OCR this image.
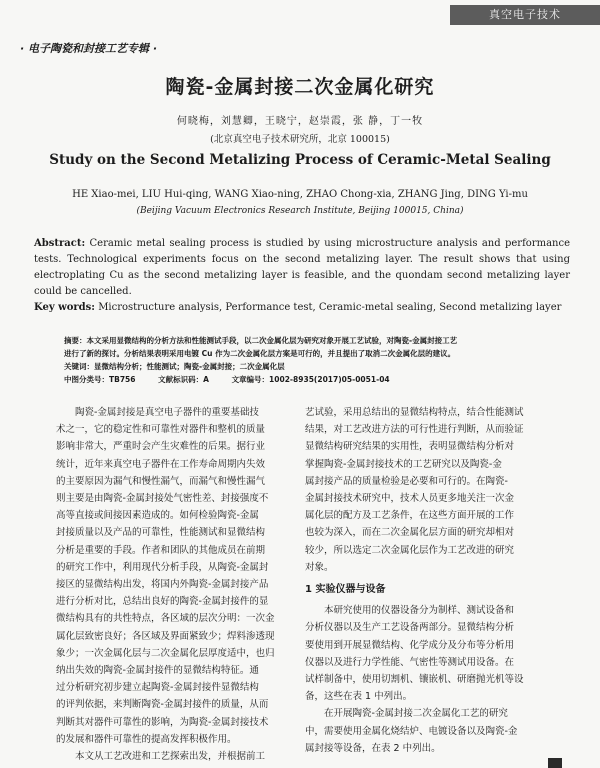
真空电子技术
· 电子陶瓷和封接工艺专辑 ·
陶瓷-金属封接二次金属化研究
何晓梅，刘慧卿，王晓宁，赵崇霞，张 静，丁一牧
(北京真空电子技术研究所，北京 100015)
Study on the Second Metalizing Process of Ceramic-Metal Sealing
HE Xiao-mei, LIU Hui-qing, WANG Xiao-ning, ZHAO Chong-xia, ZHANG Jing, DING Yi-mu
(Beijing Vacuum Electronics Research Institute, Beijing 100015, China)
Abstract: Ceramic metal sealing process is studied by using microstructure analysis and performance tests. Technological experiments focus on the second metalizing layer. The result shows that using electroplating Cu as the second metalizing layer is feasible, and the quondam second metalizing layer could be cancelled.
Key words: Microstructure analysis, Performance test, Ceramic-metal sealing, Second metalizing layer
摘要：本文采用显微结构的分析方法和性能测试手段，以二次金属化层为研究对象开展工艺试验，对陶瓷-金属封接工艺
进行了新的探讨。分析结果表明采用电镀 Cu 作为二次金属化层方案是可行的，并且提出了取消二次金属化层的建议。
关键词：显微结构分析；性能测试；陶瓷-金属封接；二次金属化层
中图分类号：TB756	文献标识码：A	文章编号：1002-8935(2017)05-0051-04
陶瓷-金属封接是真空电子器件的重要基础技
术之一，它的稳定性和可靠性对器件和整机的质量
影响非常大，严重时会产生灾难性的后果。据行业
统计，近年来真空电子器件在工作寿命周期内失效
的主要原因为漏气和慢性漏气，而漏气和慢性漏气
则主要是由陶瓷-金属封接处气密性差、封接强度不
高等直接或间接因素造成的。如何检验陶瓷-金属
封接质量以及产品的可靠性，性能测试和显微结构
分析是重要的手段。作者和团队的其他成员在前期
的研究工作中，利用现代分析手段，从陶瓷-金属封
接区的显微结构出发，将国内外陶瓷-金属封接产品
进行分析对比，总结出良好的陶瓷-金属封接件的显
微结构具有的共性特点，各区域的层次分明：一次金
属化层致密良好；各区域及界面紧致少；焊料渗透现
象少；一次金属化层与二次金属化层厚度适中，也归
纳出失效的陶瓷-金属封接件的显微结构特征。通
过分析研究初步建立起陶瓷-金属封接件显微结构
的评判依据，来判断陶瓷-金属封接件的质量，从而
判断其对器件可靠性的影响，为陶瓷-金属封接技术
的发展和器件可靠性的提高发挥积极作用。
本文从工艺改进和工艺探索出发，并根据前工
艺试验，采用总结出的显微结构特点，结合性能测试
结果，对工艺改进方法的可行性进行判断，从而验证
显微结构研究结果的实用性，表明显微结构分析对
掌握陶瓷-金属封接技术的工艺研究以及陶瓷-金
属封接产品的质量检验是必要和可行的。在陶瓷-
金属封接技术研究中，技术人员更多地关注一次金
属化层的配方及工艺条件，在这些方面开展的工作
也较为深入，而在二次金属化层方面的研究却相对
较少，所以选定二次金属化层作为工艺改进的研究
对象。
1 实验仪器与设备
本研究使用的仪器设备分为制样、测试设备和
分析仪器以及生产工艺设备两部分。显微结构分析
要使用到开展显微结构、化学成分及分布等分析用
仪器以及进行力学性能、气密性等测试用设备。在
试样制备中，使用切割机、镶嵌机、研磨抛光机等设
备，这些在表 1 中列出。
在开展陶瓷-金属封接二次金属化工艺的研究
中，需要使用金属化烧结炉、电镀设备以及陶瓷-金
属封接等设备，在表 2 中列出。
